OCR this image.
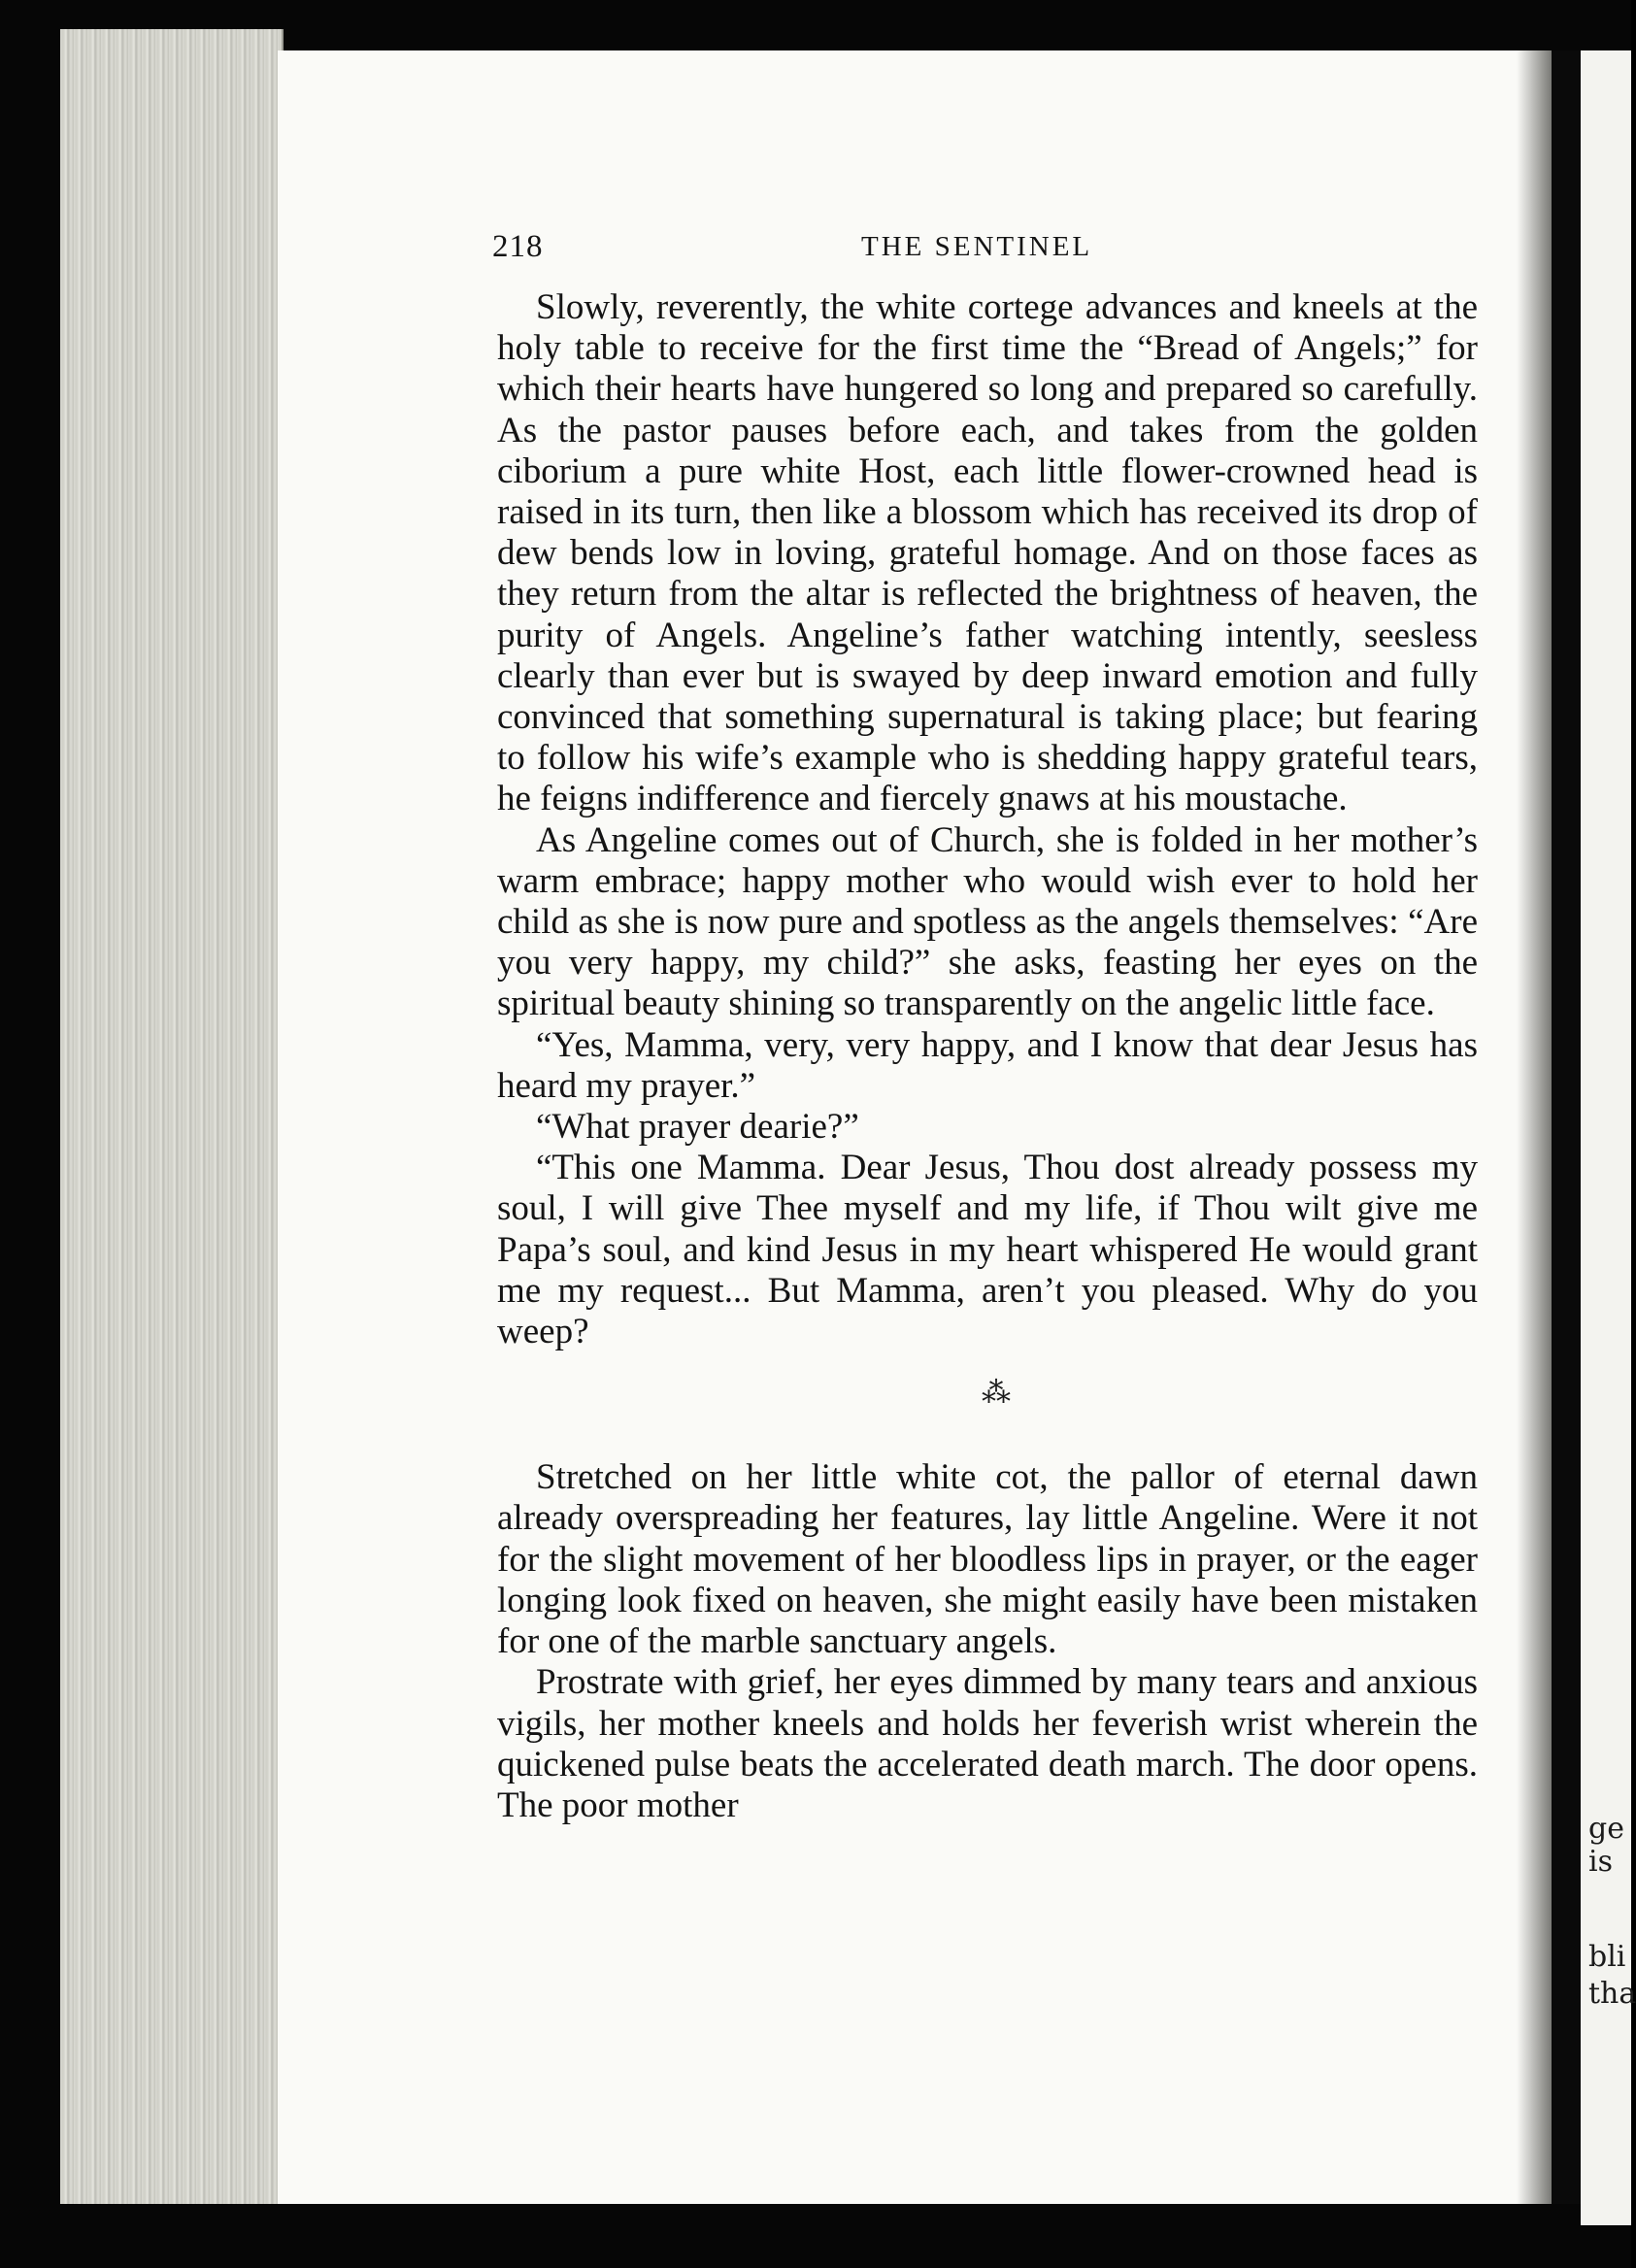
ge
is
bli
tha
218	THE SENTINEL

Slowly, reverently, the white cortege advances and kneels at the holy table to receive for the first time the “Bread of Angels;” for which their hearts have hungered so long and prepared so carefully. As the pastor pauses before each, and takes from the golden ciborium a pure white Host, each little flower-crowned head is raised in its turn, then like a blossom which has received its drop of dew bends low in loving, grateful homage. And on those faces as they return from the altar is reflected the brightness of heaven, the purity of Angels. Angeline’s father watching intently, seesless clearly than ever but is swayed by deep inward emotion and fully convinced that something supernatural is taking place; but fearing to follow his wife’s example who is shedding happy grateful tears, he feigns indifference and fiercely gnaws at his moustache.

As Angeline comes out of Church, she is folded in her mother’s warm embrace; happy mother who would wish ever to hold her child as she is now pure and spotless as the angels themselves: “Are you very happy, my child?” she asks, feasting her eyes on the spiritual beauty shining so transparently on the angelic little face.

“Yes, Mamma, very, very happy, and I know that dear Jesus has heard my prayer.”

“What prayer dearie?”

“This one Mamma. Dear Jesus, Thou dost already possess my soul, I will give Thee myself and my life, if Thou wilt give me Papa’s soul, and kind Jesus in my heart whispered He would grant me my request... But Mamma, aren’t you pleased. Why do you weep?

⁂

Stretched on her little white cot, the pallor of eternal dawn already overspreading her features, lay little Angeline. Were it not for the slight movement of her bloodless lips in prayer, or the eager longing look fixed on heaven, she might easily have been mistaken for one of the marble sanctuary angels.

Prostrate with grief, her eyes dimmed by many tears and anxious vigils, her mother kneels and holds her feverish wrist wherein the quickened pulse beats the accelerated death march. The door opens. The poor mother
